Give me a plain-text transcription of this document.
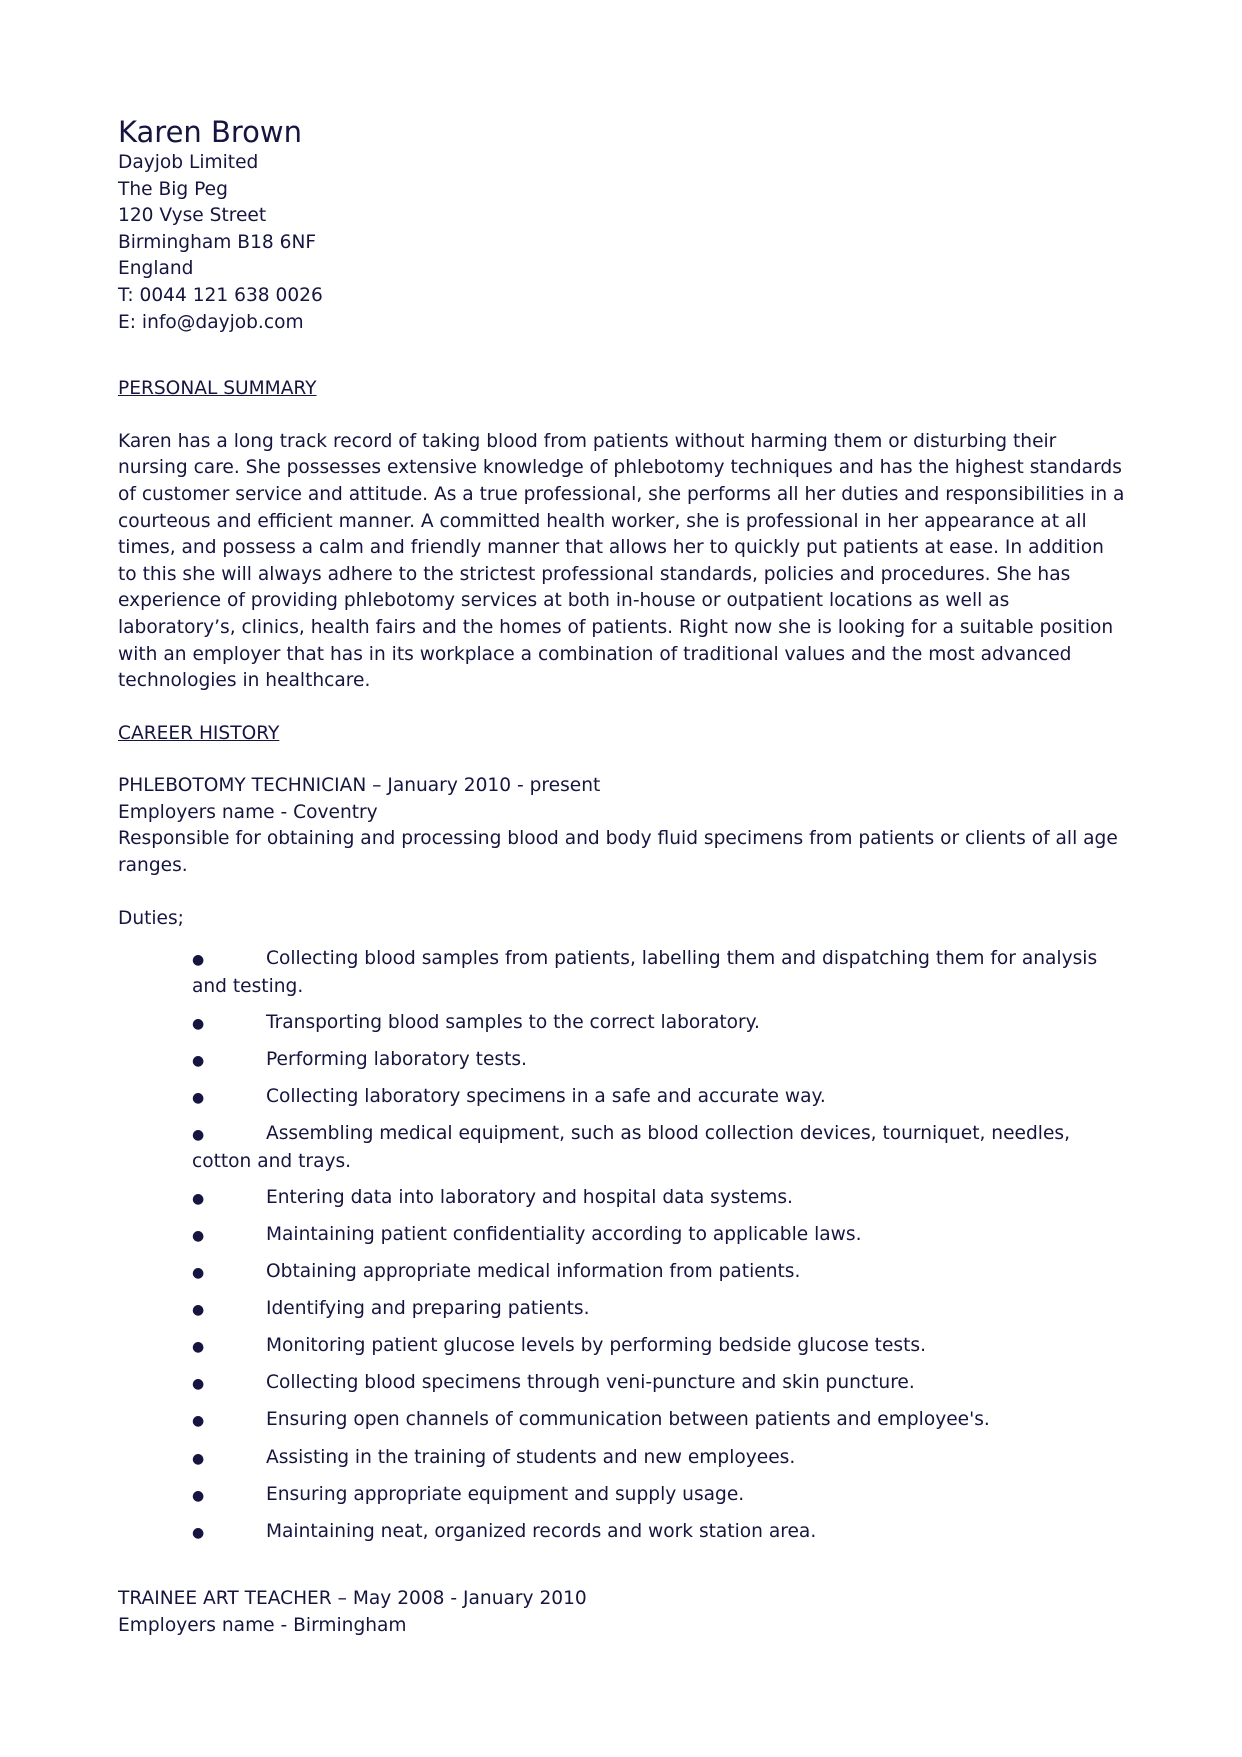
Karen Brown
Dayjob Limited
The Big Peg
120 Vyse Street
Birmingham B18 6NF
England
T: 0044 121 638 0026
E: info@dayjob.com
PERSONAL SUMMARY

Karen has a long track record of taking blood from patients without harming them or disturbing their nursing care. She possesses extensive knowledge of phlebotomy techniques and has the highest standards of customer service and attitude. As a true professional, she performs all her duties and responsibilities in a courteous and efficient manner. A committed health worker, she is professional in her appearance at all times, and possess a calm and friendly manner that allows her to quickly put patients at ease. In addition to this she will always adhere to the strictest professional standards, policies and procedures. She has experience of providing phlebotomy services at both in-house or outpatient locations as well as laboratory’s, clinics, health fairs and the homes of patients. Right now she is looking for a suitable position with an employer that has in its workplace a combination of traditional values and the most advanced technologies in healthcare.

CAREER HISTORY
PHLEBOTOMY TECHNICIAN – January 2010 - present
Employers name - Coventry
Responsible for obtaining and processing blood and body fluid specimens from patients or clients of all age ranges.
Duties;
●	Collecting blood samples from patients, labelling them and dispatching them for analysis and testing.
●	Transporting blood samples to the correct laboratory.
●	Performing laboratory tests.
●	Collecting laboratory specimens in a safe and accurate way.
●	Assembling medical equipment, such as blood collection devices, tourniquet, needles, cotton and trays.
●	Entering data into laboratory and hospital data systems.
●	Maintaining patient confidentiality according to applicable laws.
●	Obtaining appropriate medical information from patients.
●	Identifying and preparing patients.
●	Monitoring patient glucose levels by performing bedside glucose tests.
●	Collecting blood specimens through veni-puncture and skin puncture.
●	Ensuring open channels of communication between patients and employee's.
●	Assisting in the training of students and new employees.
●	Ensuring appropriate equipment and supply usage.
●	Maintaining neat, organized records and work station area.
TRAINEE ART TEACHER – May 2008 - January 2010
Employers name - Birmingham
